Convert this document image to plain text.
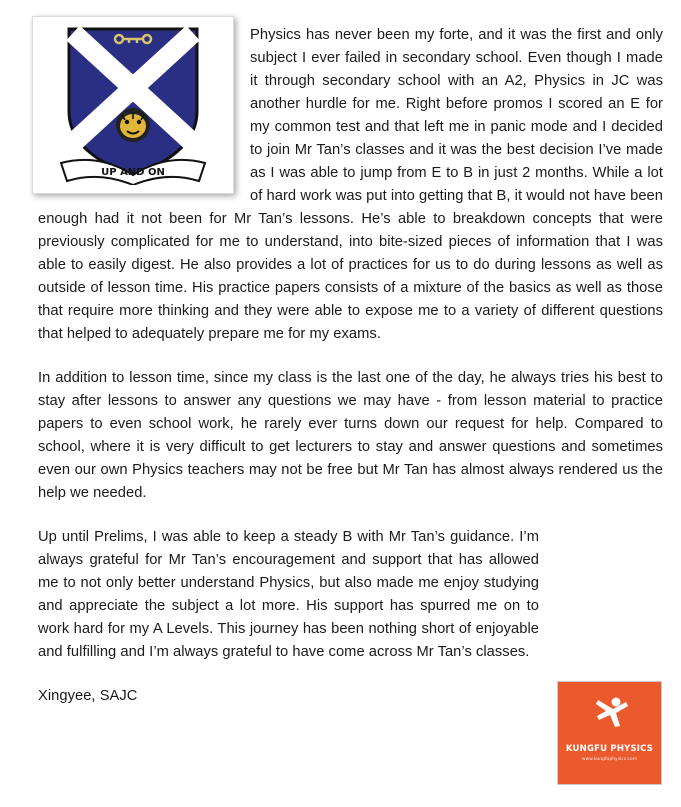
UP AND ON
KUNGFU PHYSICS
www.kungfuphysics.com

Physics has never been my forte, and it was the first and only subject I ever failed in secondary school. Even though I made it through secondary school with an A2, Physics in JC was another hurdle for me. Right before promos I scored an E for my common test and that left me in panic mode and I decided to join Mr Tan’s classes and it was the best decision I’ve made as I was able to jump from E to B in just 2 months. While a lot of hard work was put into getting that B, it would not have been enough had it not been for Mr Tan’s lessons. He’s able to breakdown concepts that were previously complicated for me to understand, into bite-sized pieces of information that I was able to easily digest. He also provides a lot of practices for us to do during lessons as well as outside of lesson time. His practice papers consists of a mixture of the basics as well as those that require more thinking and they were able to expose me to a variety of different questions that helped to adequately prepare me for my exams.

In addition to lesson time, since my class is the last one of the day, he always tries his best to stay after lessons to answer any questions we may have - from lesson material to practice papers to even school work, he rarely ever turns down our request for help. Compared to school, where it is very difficult to get lecturers to stay and answer questions and sometimes even our own Physics teachers may not be free but Mr Tan has almost always rendered us the help we needed.

Up until Prelims, I was able to keep a steady B with Mr Tan’s guidance. I’m always grateful for Mr Tan’s encouragement and support that has allowed me to not only better understand Physics, but also made me enjoy studying and appreciate the subject a lot more. His support has spurred me on to work hard for my A Levels. This journey has been nothing short of enjoyable and fulfilling and I’m always grateful to have come across Mr Tan’s classes.

Xingyee, SAJC
